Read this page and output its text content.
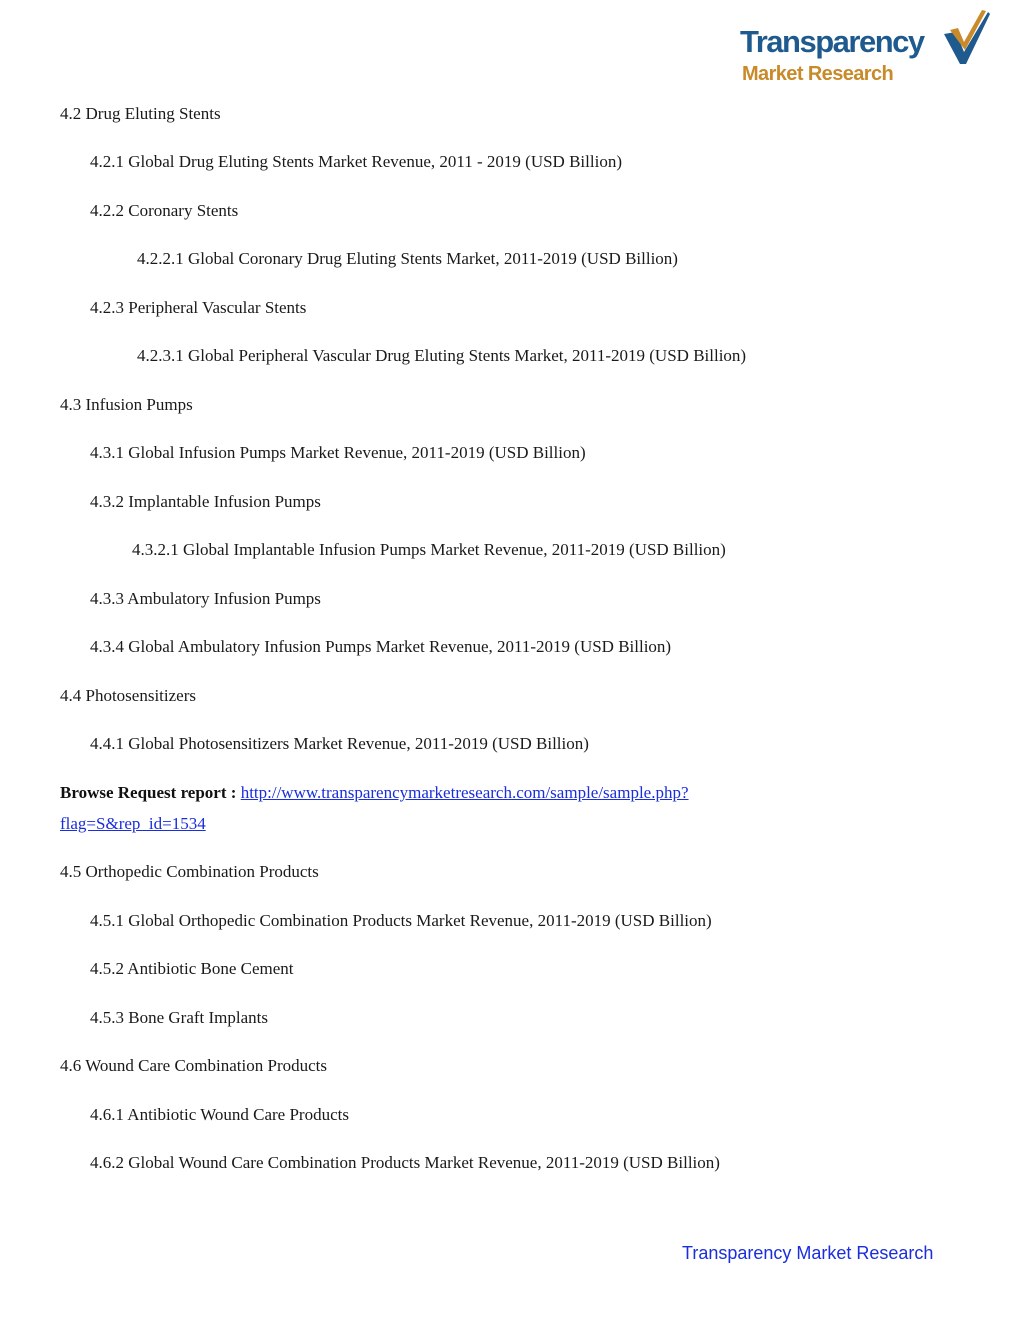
Transparency
Market Research
4.2 Drug Eluting Stents
4.2.1 Global Drug Eluting Stents Market Revenue, 2011 - 2019 (USD Billion)
4.2.2 Coronary Stents
4.2.2.1 Global Coronary Drug Eluting Stents Market, 2011-2019 (USD Billion)
4.2.3 Peripheral Vascular Stents
4.2.3.1 Global Peripheral Vascular Drug Eluting Stents Market, 2011-2019 (USD Billion)
4.3 Infusion Pumps
4.3.1 Global Infusion Pumps Market Revenue, 2011-2019 (USD Billion)
4.3.2 Implantable Infusion Pumps
4.3.2.1 Global Implantable Infusion Pumps Market Revenue, 2011-2019 (USD Billion)
4.3.3 Ambulatory Infusion Pumps
4.3.4 Global Ambulatory Infusion Pumps Market Revenue, 2011-2019 (USD Billion)
4.4 Photosensitizers
4.4.1 Global Photosensitizers Market Revenue, 2011-2019 (USD Billion)
Browse Request report : http://www.transparencymarketresearch.com/sample/sample.php?
flag=S&rep_id=1534
4.5 Orthopedic Combination Products
4.5.1 Global Orthopedic Combination Products Market Revenue, 2011-2019 (USD Billion)
4.5.2 Antibiotic Bone Cement
4.5.3 Bone Graft Implants
4.6 Wound Care Combination Products
4.6.1 Antibiotic Wound Care Products
4.6.2 Global Wound Care Combination Products Market Revenue, 2011-2019 (USD Billion)
Transparency Market Research
